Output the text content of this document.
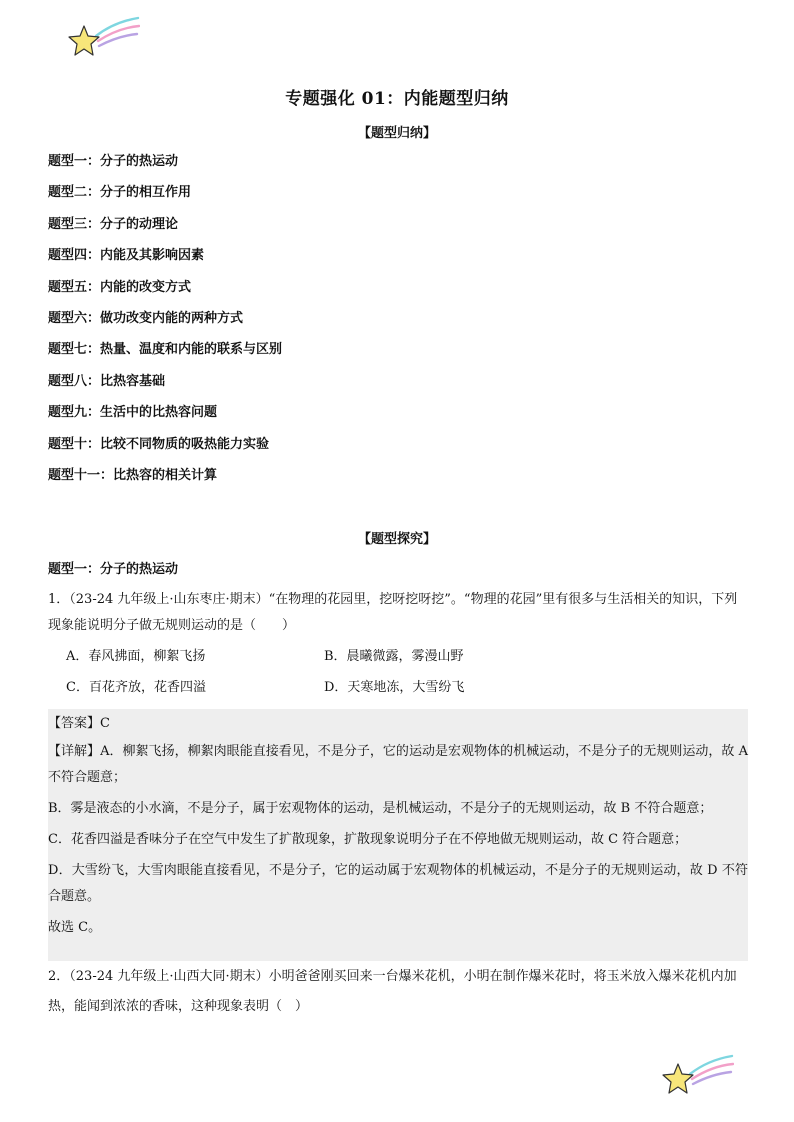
专题强化 01：内能题型归纳
【题型归纳】
题型一：分子的热运动
题型二：分子的相互作用
题型三：分子的动理论
题型四：内能及其影响因素
题型五：内能的改变方式
题型六：做功改变内能的两种方式
题型七：热量、温度和内能的联系与区别
题型八：比热容基础
题型九：生活中的比热容问题
题型十：比较不同物质的吸热能力实验
题型十一：比热容的相关计算
【题型探究】
题型一：分子的热运动
1．（23-24 九年级上·山东枣庄·期末）“在物理的花园里，挖呀挖呀挖”。“物理的花园”里有很多与生活相关的知识，下列现象能说明分子做无规则运动的是（　　）
A．春风拂面，柳絮飞扬	B．晨曦微露，雾漫山野
C．百花齐放，花香四溢	D．天寒地冻，大雪纷飞

【答案】C

【详解】A．柳絮飞扬，柳絮肉眼能直接看见，不是分子，它的运动是宏观物体的机械运动，不是分子的无规则运动，故 A 不符合题意；

B．雾是液态的小水滴，不是分子，属于宏观物体的运动，是机械运动，不是分子的无规则运动，故 B 不符合题意；

C．花香四溢是香味分子在空气中发生了扩散现象，扩散现象说明分子在不停地做无规则运动，故 C 符合题意；

D．大雪纷飞，大雪肉眼能直接看见，不是分子，它的运动属于宏观物体的机械运动，不是分子的无规则运动，故 D 不符合题意。

故选 C。

2．（23-24 九年级上·山西大同·期末）小明爸爸刚买回来一台爆米花机，小明在制作爆米花时，将玉米放入爆米花机内加热，能闻到浓浓的香味，这种现象表明（　）
